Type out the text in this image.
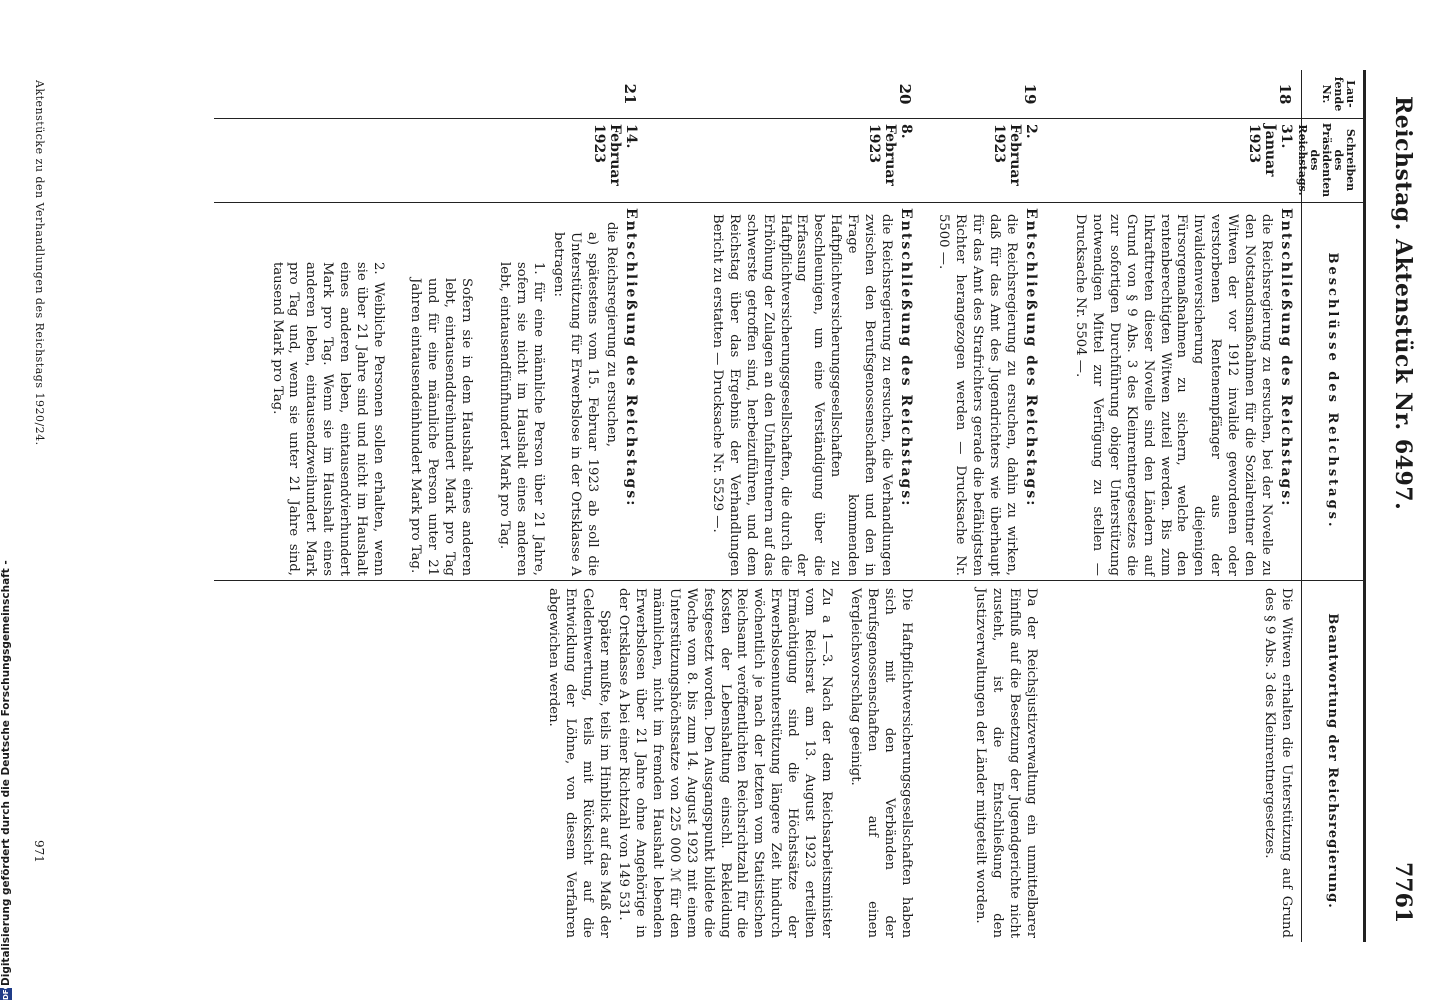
Reichstag. Aktenstück Nr. 6497.
7761
Lau-fende Nr.
Schreiben des Präsidenten des Reichstags.
Beschlüsse des Reichstags.
Beantwortung der Reichsregierung.
18
31. Januar 1923
Entschließung des Reichstags:
die Reichsregierung zu ersuchen, bei der Novelle zu den Notstandsmaßnahmen für die Sozialrentner den Witwen der vor 1912 invalide gewordenen oder verstorbenen Rentenempfänger aus der Invalidenversicherung diejenigen Fürsorgemaßnahmen zu sichern, welche den rentenberechtigten Witwen zuteil werden. Bis zum Inkrafttreten dieser Novelle sind den Ländern auf Grund von § 9 Abs. 3 des Kleinrentnergesetzes die zur sofortigen Durchführung obiger Unterstützung notwendigen Mittel zur Verfügung zu stellen — Drucksache Nr. 5504 —.
Die Witwen erhalten die Unterstützung auf Grund des § 9 Abs. 3 des Kleinrentnergesetzes.
19
2. Februar 1923
Entschließung des Reichstags:
die Reichsregierung zu ersuchen, dahin zu wirken, daß für das Amt des Jugendrichters wie überhaupt für das Amt des Strafrichters gerade die befähigtsten Richter herangezogen werden — Drucksache Nr. 5500 —.
Da der Reichsjustizverwaltung ein unmittelbarer Einfluß auf die Besetzung der Jugendgerichte nicht zusteht, ist die Entschließung den Justizverwaltungen der Länder mitgeteilt worden.
20
8. Februar 1923
Entschließung des Reichstags:
die Reichsregierung zu ersuchen, die Verhandlungen zwischen den Berufsgenossenschaften und den in Frage kommenden Haftpflichtversicherungsgesellschaften zu beschleunigen, um eine Verständigung über die Erfassung der Haftpflichtversicherungsgesellschaften, die durch die Erhöhung der Zulagen an den Unfallrentnern auf das schwerste getroffen sind, herbeizuführen, und dem Reichstag über das Ergebnis der Verhandlungen Bericht zu erstatten — Drucksache Nr. 5529 —.
Die Haftpflichtversicherungsgesellschaften haben sich mit den Verbänden der Berufsgenossenschaften auf einen Vergleichsvorschlag geeinigt.
21
14. Februar 1923
Entschließung des Reichstags:
die Reichsregierung zu ersuchen,
a) spätestens vom 15. Februar 1923 ab soll die Unterstützung für Erwerbslose in der Ortsklasse A betragen:
1. für eine männliche Person über 21 Jahre, sofern sie nicht im Haushalt eines anderen lebt, eintausendfünfhundert Mark pro Tag.
Sofern sie in dem Haushalt eines anderen lebt, eintausenddreihundert Mark pro Tag und für eine männliche Person unter 21 Jahren eintausendeinhundert Mark pro Tag.
2. Weibliche Personen sollen erhalten, wenn sie über 21 Jahre sind und nicht im Haushalt eines anderen leben, eintausendvierhundert Mark pro Tag. Wenn sie im Haushalt eines anderen leben, eintausendzweihundert Mark pro Tag und, wenn sie unter 21 Jahre sind, tausend Mark pro Tag.
Zu a 1—3. Nach der dem Reichsarbeitsminister vom Reichsrat am 13. August 1923 erteilten Ermächtigung sind die Höchstsätze der Erwerbslosenunterstützung längere Zeit hindurch wöchentlich je nach der letzten vom Statistischen Reichsamt veröffentlichten Reichsrichtzahl für die Kosten der Lebenshaltung einschl. Bekleidung festgesetzt worden. Den Ausgangspunkt bildete die Woche vom 8. bis zum 14. August 1923 mit einem Unterstützungshöchstsatze von 225 000 ℳ für den männlichen, nicht im fremden Haushalt lebenden Erwerbslosen über 21 Jahre ohne Angehörige in der Ortsklasse A bei einer Richtzahl von 149 531.
Später mußte, teils im Hinblick auf das Maß der Geldentwertung, teils mit Rücksicht auf die Entwicklung der Löhne, von diesem Verfahren abgewichen werden.
Aktenstücke zu den Verhandlungen des Reichstags 1920/24.
971
DFG
Digitalisierung gefördert durch die Deutsche Forschungsgemeinschaft -
